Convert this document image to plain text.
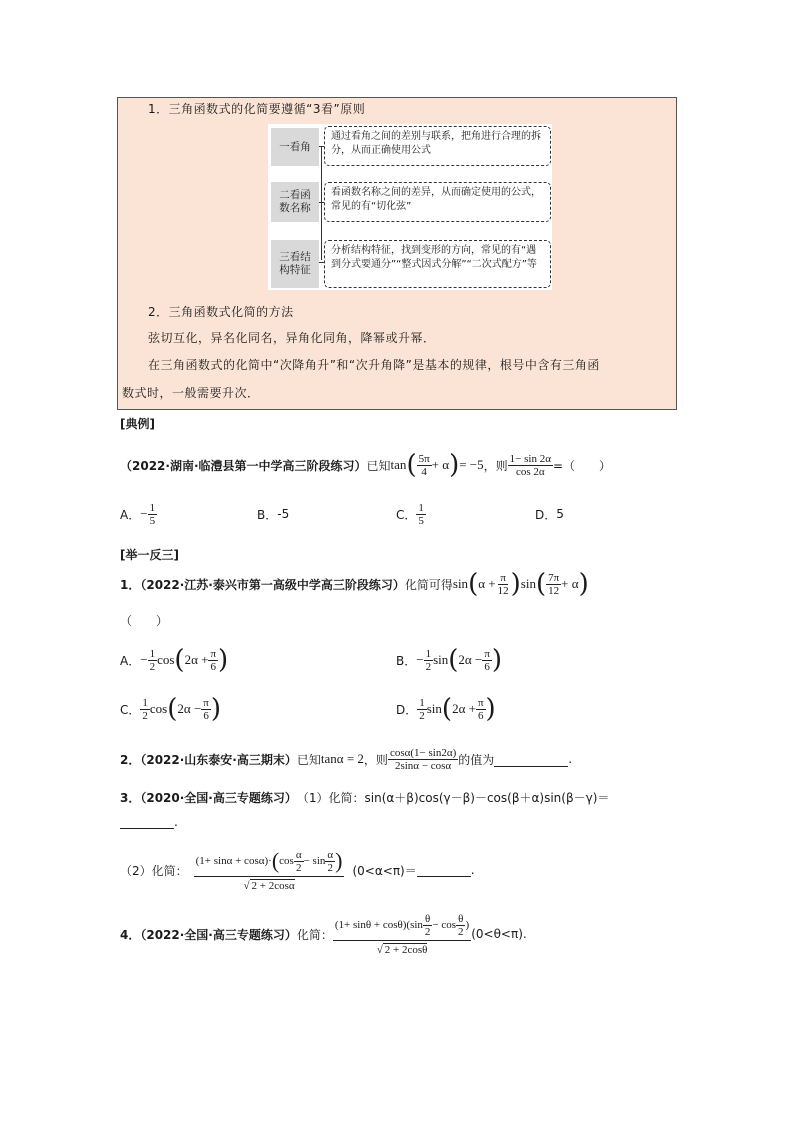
1．三角函数式的化简要遵循“3看”原则
一看角
通过看角之间的差别与联系，把角进行合理的拆分，从而正确使用公式
二看函数名称
看函数名称之间的差异，从而确定使用的公式，常见的有“切化弦”
三看结构特征
分析结构特征，找到变形的方向，常见的有“遇到分式要通分”“整式因式分解”“二次式配方”等
2．三角函数式化简的方法
弦切互化，异名化同名，异角化同角，降幂或升幂．
在三角函数式的化简中“次降角升”和“次升角降”是基本的规律，根号中含有三角函
数式时，一般需要升次．
[典例]
（2022·湖南·临澧县第一中学高三阶段练习） 已知 tan ( $\frac{5\pi}{4} + \alpha$ ) = −5 ，则 $\frac{1- \sin 2\alpha}{\cos 2\alpha}$ =（　　）
A． − $\frac{1}{5}$	B． -5	C． $\frac{1}{5}$	D． 5
[举一反三]
1．（2022·江苏·泰兴市第一高级中学高三阶段练习） 化简可得 sin ( $\alpha + \frac{\pi}{12}$ ) sin ( $\frac{7\pi}{12} + \alpha$ )
（　　）
A． − $\frac{1}{2}$ cos ( $2\alpha + \frac{\pi}{6}$ )	B． − $\frac{1}{2}$ sin ( $2\alpha - \frac{\pi}{6}$ )
C． $\frac{1}{2}$ cos ( $2\alpha - \frac{\pi}{6}$ )	D． $\frac{1}{2}$ sin ( $2\alpha + \frac{\pi}{6}$ )
2．（2022·山东泰安·高三期末） 已知 tanα = 2 ，则 $\frac{\cos\alpha(1- \sin 2\alpha)}{2\sin\alpha - \cos\alpha}$ 的值为	.
3．（2020·全国·高三专题练习） （1）化简：sin(α＋β)cos(γ－β)－cos(β＋α)sin(β－γ)＝
.
（2）化简：
(1+ sinα + cosα)· ( $\cos \frac{\alpha}{2} - \sin \frac{\alpha}{2}$ )
√ 2 + 2cosα
(0<α<π)＝	.
4．（2022·全国·高三专题练习） 化简： $\frac{(1+ \sin\theta + \cos\theta)(\sin \frac{\theta}{2} - \cos \frac{\theta}{2} )}{√ 2 + 2\cos\theta} (0<\theta<\pi)$.
